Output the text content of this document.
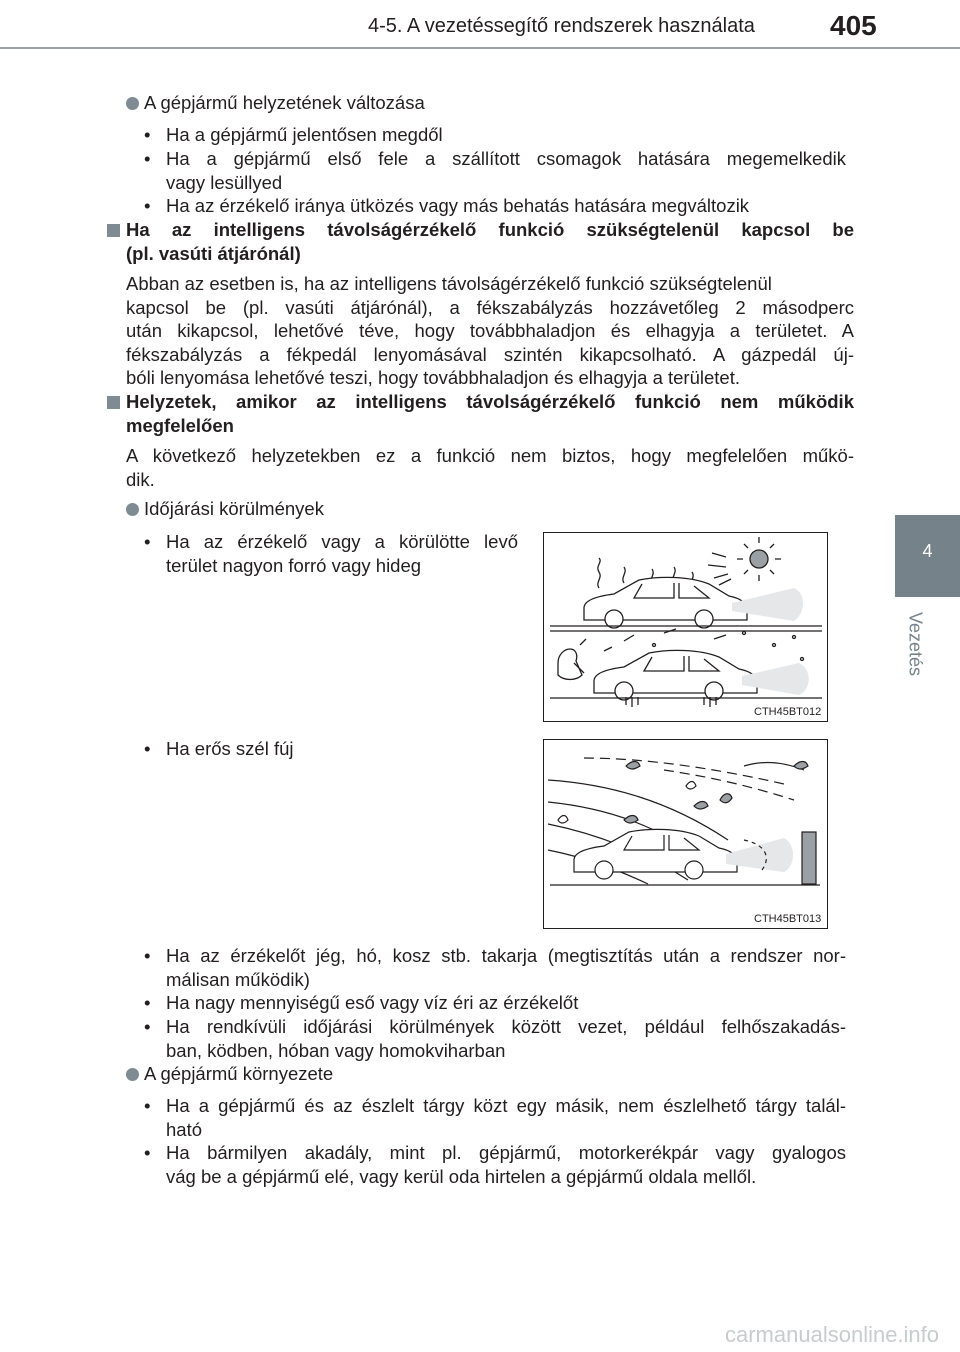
4-5. A vezetéssegítő rendszerek használata	405
4
Vezetés
A gépjármű helyzetének változása
• Ha a gépjármű jelentősen megdől
• Ha a gépjármű első fele a szállított csomagok hatására megemelkedik
vagy lesüllyed
• Ha az érzékelő iránya ütközés vagy más behatás hatására megváltozik
Ha az intelligens távolságérzékelő funkció szükségtelenül kapcsol be
(pl. vasúti átjárónál)
Abban az esetben is, ha az intelligens távolságérzékelő funkció szükségtelenül
kapcsol be (pl. vasúti átjárónál), a fékszabályzás hozzávetőleg 2 másodperc
után kikapcsol, lehetővé téve, hogy továbbhaladjon és elhagyja a területet. A
fékszabályzás a fékpedál lenyomásával szintén kikapcsolható. A gázpedál új-
bóli lenyomása lehetővé teszi, hogy továbbhaladjon és elhagyja a területet.
Helyzetek, amikor az intelligens távolságérzékelő funkció nem működik
megfelelően
A következő helyzetekben ez a funkció nem biztos, hogy megfelelően műkö-
dik.
Időjárási körülmények
• Ha az érzékelő vagy a körülötte levő
terület nagyon forró vagy hideg
CTH45BT012
• Ha erős szél fúj
CTH45BT013
• Ha az érzékelőt jég, hó, kosz stb. takarja (megtisztítás után a rendszer nor-
málisan működik)
• Ha nagy mennyiségű eső vagy víz éri az érzékelőt
• Ha rendkívüli időjárási körülmények között vezet, például felhőszakadás-
ban, ködben, hóban vagy homokviharban
A gépjármű környezete
• Ha a gépjármű és az észlelt tárgy közt egy másik, nem észlelhető tárgy talál-
ható
• Ha bármilyen akadály, mint pl. gépjármű, motorkerékpár vagy gyalogos
vág be a gépjármű elé, vagy kerül oda hirtelen a gépjármű oldala mellől.
carmanualsonline.info
